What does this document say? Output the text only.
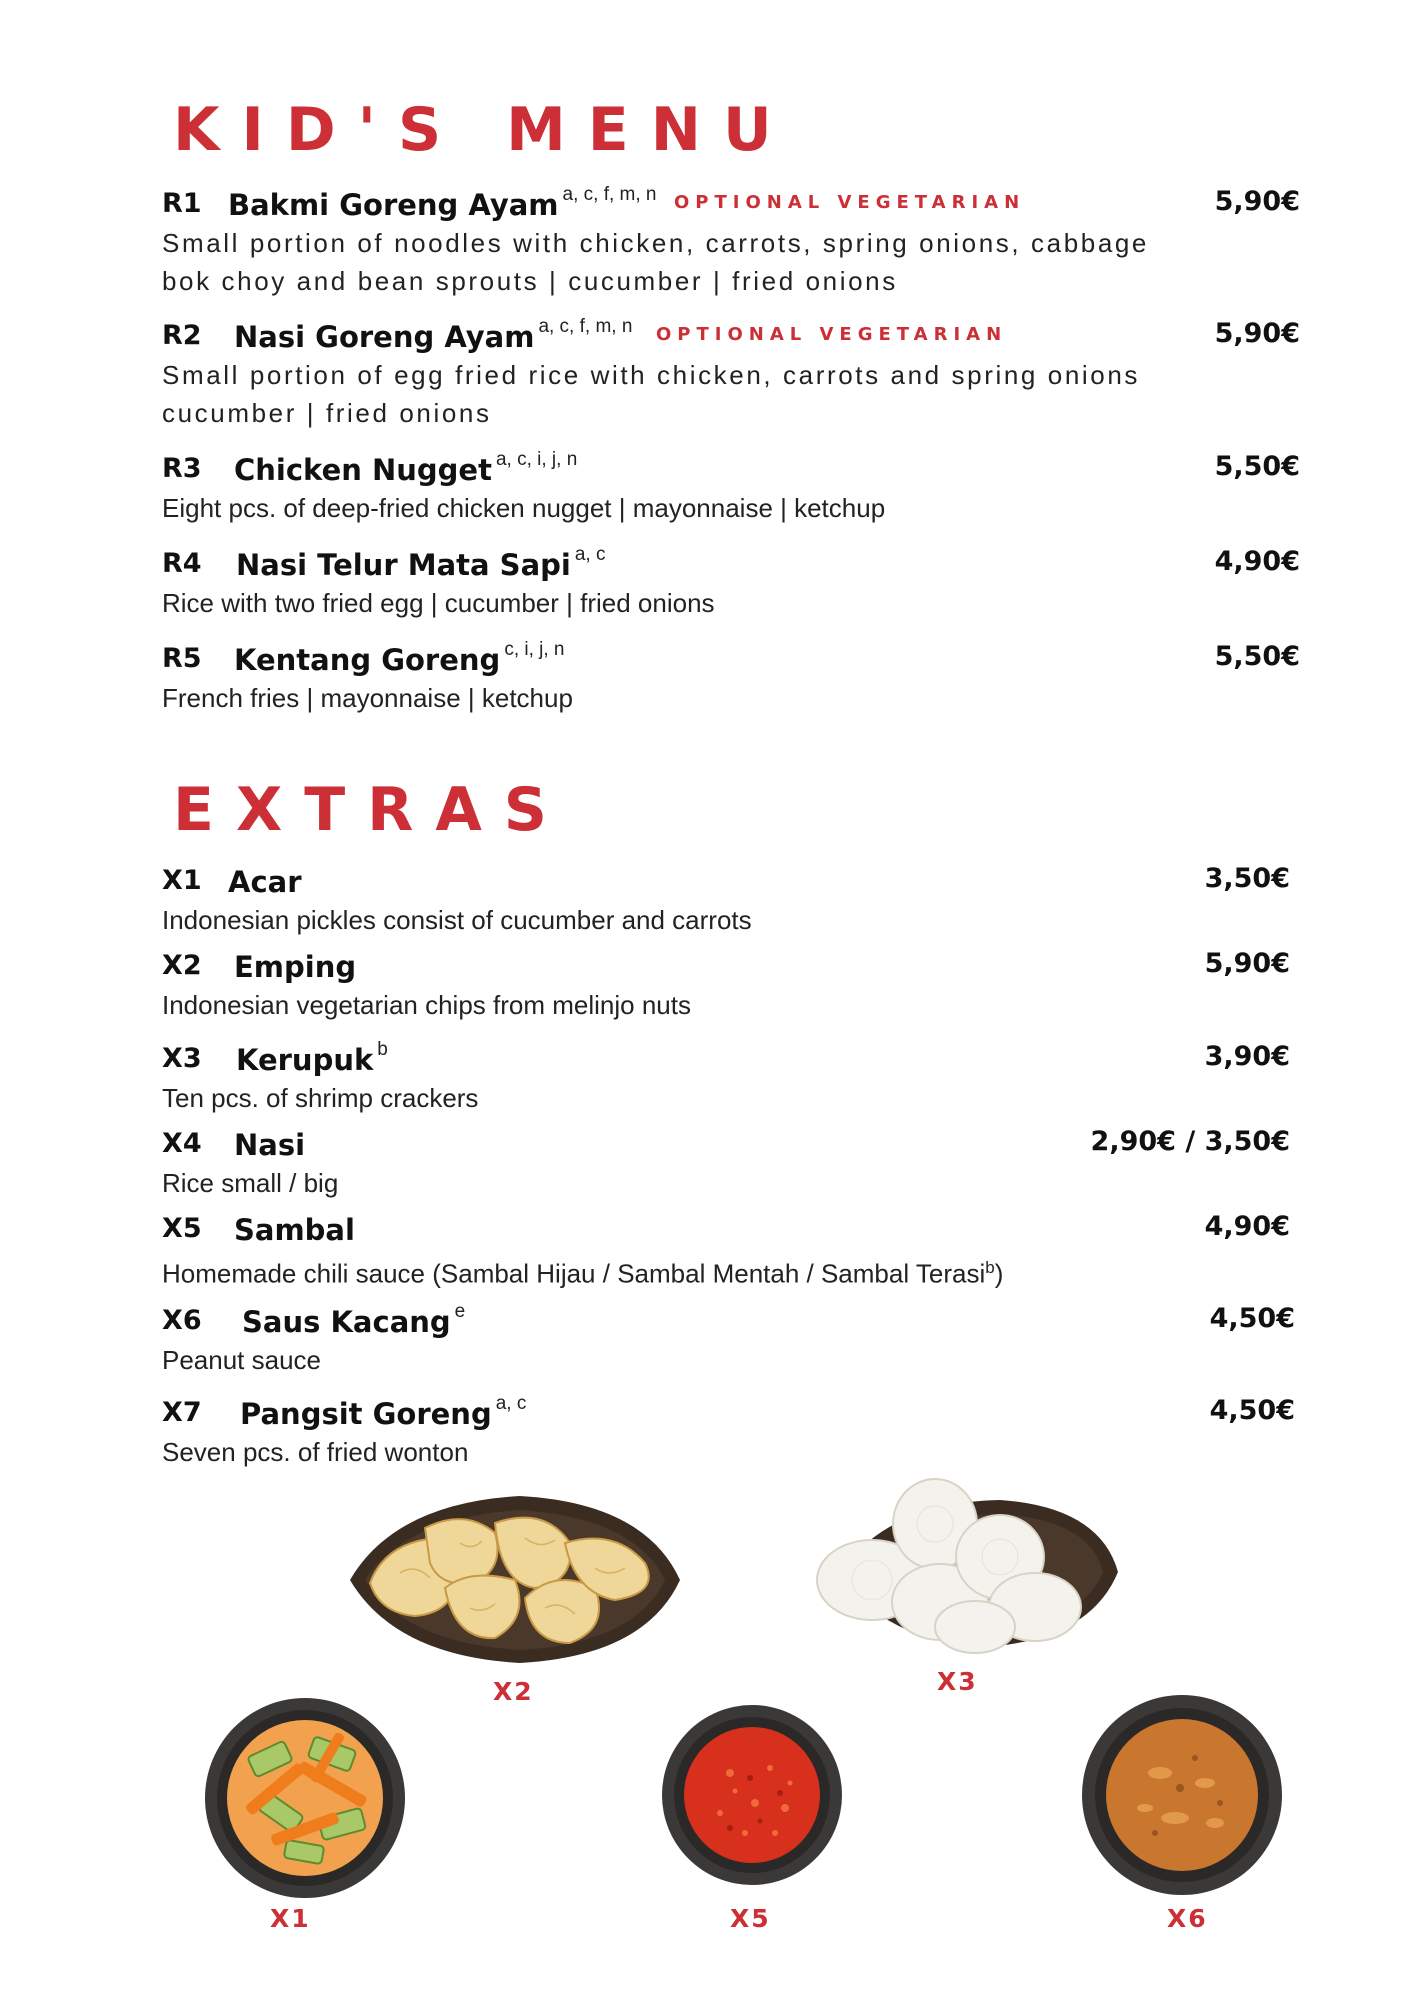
KID'S MENU
R1 Bakmi Goreng Ayam $^{a, c, f, m, n}$ OPTIONAL VEGETARIAN	5,90€

Small portion of noodles with chicken, carrots, spring onions, cabbage
bok choy and bean sprouts | cucumber | fried onions

R2 Nasi Goreng Ayam $^{a, c, f, m, n}$ OPTIONAL VEGETARIAN	5,90€

Small portion of egg fried rice with chicken, carrots and spring onions
cucumber | fried onions

R3 Chicken Nugget $^{a, c, i, j, n}$	5,50€

Eight pcs. of deep-fried chicken nugget | mayonnaise | ketchup

R4 Nasi Telur Mata Sapi $^{a, c}$	4,90€

Rice with two fried egg | cucumber | fried onions

R5 Kentang Goreng $^{c, i, j, n}$	5,50€

French fries | mayonnaise | ketchup

EXTRAS
X1 Acar	3,50€

Indonesian pickles consist of cucumber and carrots

X2 Emping	5,90€

Indonesian vegetarian chips from melinjo nuts

X3 Kerupuk $^b$	3,90€

Ten pcs. of shrimp crackers

X4 Nasi	2,90€ / 3,50€

Rice small / big

X5 Sambal	4,90€

Homemade chili sauce (Sambal Hijau / Sambal Mentah / Sambal Terasi$^b$)

X6 Saus Kacang $^e$	4,50€

Peanut sauce

X7 Pangsit Goreng $^{a, c}$	4,50€

Seven pcs. of fried wonton

X2	X3
X1	X5	X6
